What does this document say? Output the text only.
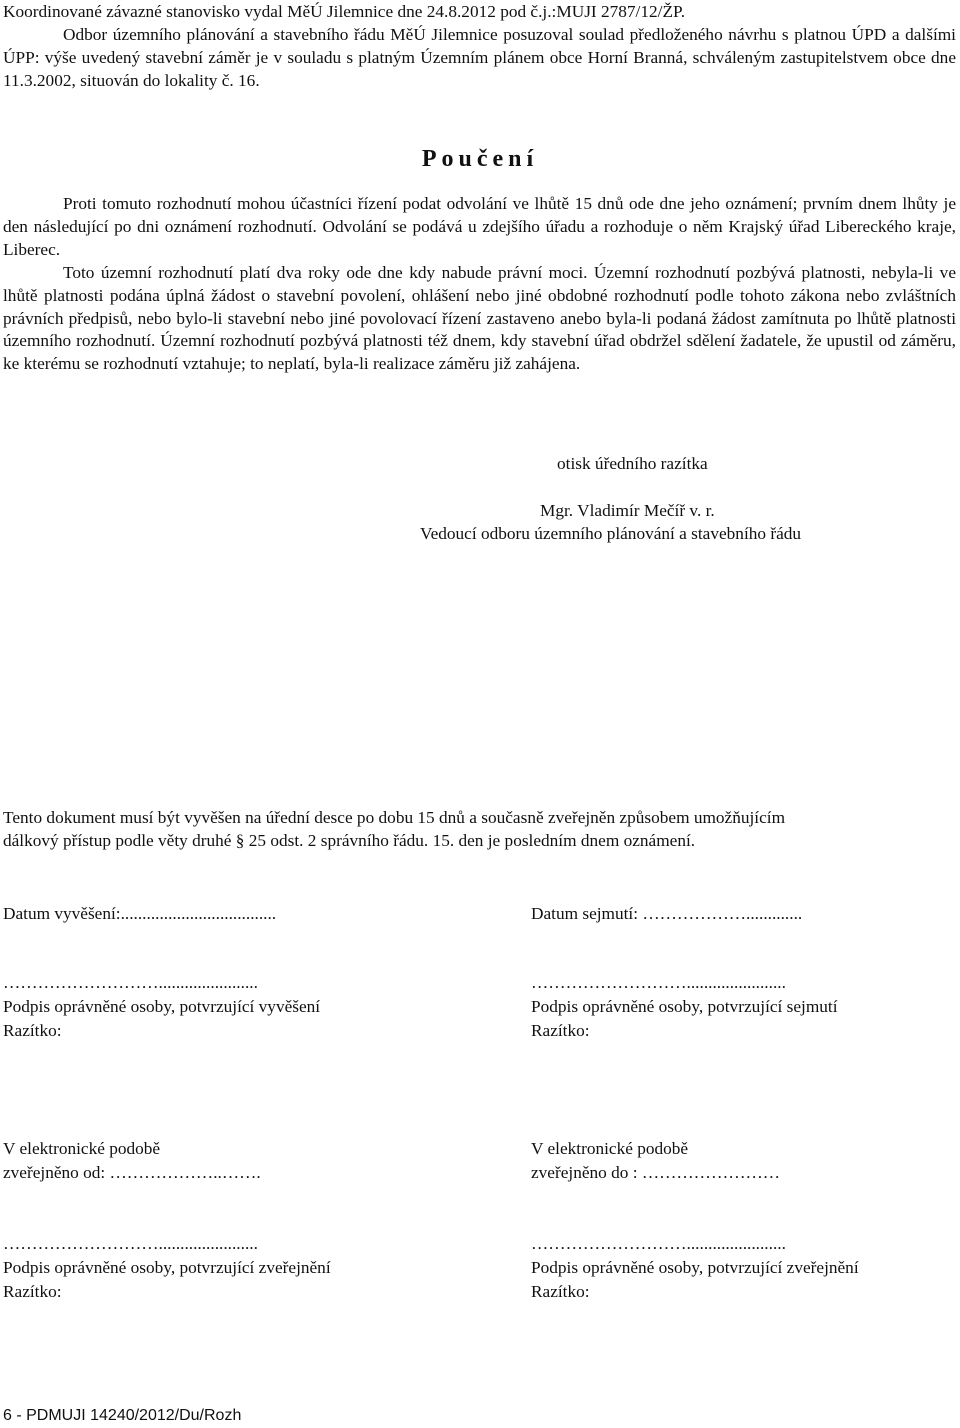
Koordinované závazné stanovisko vydal MěÚ Jilemnice dne 24.8.2012 pod č.j.:MUJI 2787/12/ŽP.
Odbor územního plánování a stavebního řádu MěÚ Jilemnice posuzoval soulad předloženého návrhu s platnou ÚPD a dalšími ÚPP: výše uvedený stavební záměr je v souladu s platným Územním plánem obce Horní Branná, schváleným zastupitelstvem obce dne 11.3.2002, situován do lokality č. 16.
Poučení
Proti tomuto rozhodnutí mohou účastníci řízení podat odvolání ve lhůtě 15 dnů ode dne jeho oznámení; prvním dnem lhůty je den následující po dni oznámení rozhodnutí. Odvolání se podává u zdejšího úřadu a rozhoduje o něm Krajský úřad Libereckého kraje, Liberec.
Toto územní rozhodnutí platí dva roky ode dne kdy nabude právní moci. Územní rozhodnutí pozbývá platnosti, nebyla-li ve lhůtě platnosti podána úplná žádost o stavební povolení, ohlášení nebo jiné obdobné rozhodnutí podle tohoto zákona nebo zvláštních právních předpisů, nebo bylo-li stavební nebo jiné povolovací řízení zastaveno anebo byla-li podaná žádost zamítnuta po lhůtě platnosti územního rozhodnutí. Územní rozhodnutí pozbývá platnosti též dnem, kdy stavební úřad obdržel sdělení žadatele, že upustil od záměru, ke kterému se rozhodnutí vztahuje; to neplatí, byla-li realizace záměru již zahájena.
otisk úředního razítka
Mgr. Vladimír Mečíř v. r.
Vedoucí odboru územního plánování a stavebního řádu
Tento dokument musí být vyvěšen na úřední desce po dobu 15 dnů a současně zveřejněn způsobem umožňujícím
dálkový přístup podle věty druhé § 25 odst. 2 správního řádu. 15. den je posledním dnem oznámení.
Datum vyvěšení:....................................	Datum sejmutí: ……………….............
……………………….......................	……………………….......................
Podpis oprávněné osoby, potvrzující vyvěšení	Podpis oprávněné osoby, potvrzující sejmutí
Razítko:	Razítko:
V elektronické podobě	V elektronické podobě
zveřejněno od: ………………..…….	zveřejněno do : ……………………
……………………….......................	……………………….......................
Podpis oprávněné osoby, potvrzující zveřejnění	Podpis oprávněné osoby, potvrzující zveřejnění
Razítko:	Razítko:
6 - PDMUJI 14240/2012/Du/Rozh
